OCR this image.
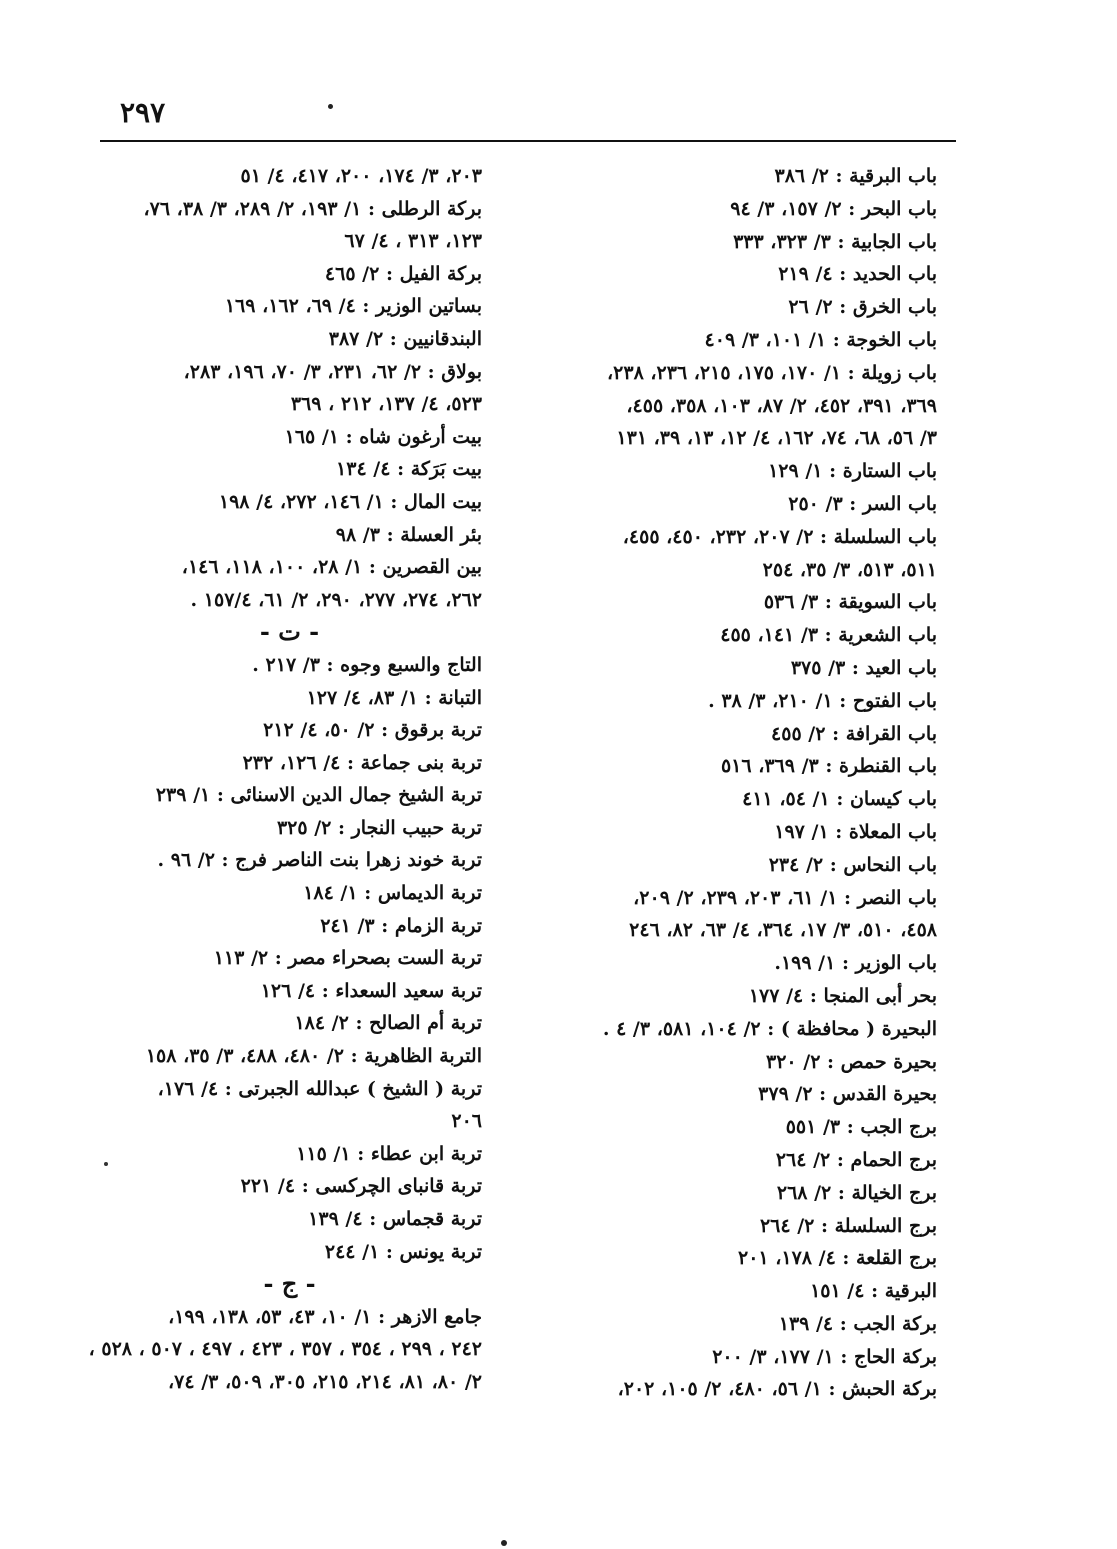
٢٩٧
باب البرقية : ٢/ ٣٨٦
باب البحر : ٢/ ١٥٧، ٣/ ٩٤
باب الجابية : ٣/ ٣٢٣، ٣٣٣
باب الحديد : ٤/ ٢١٩
باب الخرق : ٢/ ٢٦
باب الخوجة : ١/ ١٠١، ٣/ ٤٠٩
باب زويلة : ١/ ١٧٠، ١٧٥، ٢١٥، ٢٣٦، ٢٣٨،
٣٦٩، ٣٩١، ٤٥٢، ٢/ ٨٧، ١٠٣، ٣٥٨، ٤٥٥،
٣/ ٥٦، ٦٨، ٧٤، ١٦٢، ٤/ ١٢، ١٣، ٣٩، ١٣١
باب الستارة : ١/ ١٢٩
باب السر : ٣/ ٢٥٠
باب السلسلة : ٢/ ٢٠٧، ٢٣٢، ٤٥٠، ٤٥٥،
٥١١، ٥١٣، ٣/ ٣٥، ٢٥٤
باب السويقة : ٣/ ٥٣٦
باب الشعرية : ٣/ ١٤١، ٤٥٥
باب العيد : ٣/ ٣٧٥
باب الفتوح : ١/ ٢١٠، ٣/ ٣٨ .
باب القرافة : ٢/ ٤٥٥
باب القنطرة : ٣/ ٣٦٩، ٥١٦
باب كيسان : ١/ ٥٤، ٤١١
باب المعلاة : ١/ ١٩٧
باب النحاس : ٢/ ٢٣٤
باب النصر : ١/ ٦١، ٢٠٣، ٢٣٩، ٢/ ٢٠٩،
٤٥٨، ٥١٠، ٣/ ١٧، ٣٦٤، ٤/ ٦٣، ٨٢، ٢٤٦
باب الوزير : ١/ ١٩٩.
بحر أبى المنجا : ٤/ ١٧٧
البحيرة ( محافظة ) : ٢/ ١٠٤، ٥٨١، ٣/ ٤ .
بحيرة حمص : ٢/ ٣٢٠
بحيرة القدس : ٢/ ٣٧٩
برج الجب : ٣/ ٥٥١
برج الحمام : ٢/ ٢٦٤
برج الخيالة : ٢/ ٢٦٨
برج السلسلة : ٢/ ٢٦٤
برج القلعة : ٤/ ١٧٨، ٢٠١
البرقية : ٤/ ١٥١
بركة الجب : ٤/ ١٣٩
بركة الحاج : ١/ ١٧٧، ٣/ ٢٠٠
بركة الحبش : ١/ ٥٦، ٤٨٠، ٢/ ١٠٥، ٢٠٢،
٢٠٣، ٣/ ١٧٤، ٢٠٠، ٤١٧، ٤/ ٥١
بركة الرطلى : ١/ ١٩٣، ٢/ ٢٨٩، ٣/ ٣٨، ٧٦،
١٢٣، ٣١٣ ، ٤/ ٦٧
بركة الفيل : ٢/ ٤٦٥
بساتين الوزير : ٤/ ٦٩، ١٦٢، ١٦٩
البندقانيين : ٢/ ٣٨٧
بولاق : ٢/ ٦٢، ٢٣١، ٣/ ٧٠، ١٩٦، ٢٨٣،
٥٢٣، ٤/ ١٣٧، ٢١٢ ، ٣٦٩
بيت أرغون شاه : ١/ ١٦٥
بيت بَرَكة : ٤/ ١٣٤
بيت المال : ١/ ١٤٦، ٢٧٢، ٤/ ١٩٨
بئر العسلة : ٣/ ٩٨
بين القصرين : ١/ ٢٨، ١٠٠، ١١٨، ١٤٦،
٢٦٢، ٢٧٤، ٢٧٧، ٢٩٠، ٢/ ٦١، ١٥٧/٤ .
- ت -
التاج والسبع وجوه : ٣/ ٢١٧ .
التبانة : ١/ ٨٣، ٤/ ١٢٧
تربة برقوق : ٢/ ٥٠، ٤/ ٢١٢
تربة بنى جماعة : ٤/ ١٢٦، ٢٣٢
تربة الشيخ جمال الدين الاسنائى : ١/ ٢٣٩
تربة حبيب النجار : ٢/ ٣٢٥
تربة خوند زهرا بنت الناصر فرج : ٢/ ٩٦ .
تربة الديماس : ١/ ١٨٤
تربة الزمام : ٣/ ٢٤١
تربة الست بصحراء مصر : ٢/ ١١٣
تربة سعيد السعداء : ٤/ ١٢٦
تربة أم الصالح : ٢/ ١٨٤
التربة الظاهرية : ٢/ ٤٨٠، ٤٨٨، ٣/ ٣٥، ١٥٨
تربة ( الشيخ ) عبدالله الجبرتى : ٤/ ١٧٦،
٢٠٦
تربة ابن عطاء : ١/ ١١٥
تربة قانباى الچركسى : ٤/ ٢٢١
تربة قجماس : ٤/ ١٣٩
تربة يونس : ١/ ٢٤٤
- ج -
جامع الازهر : ١/ ١٠، ٤٣، ٥٣، ١٣٨، ١٩٩،
٢٤٢ ، ٢٩٩ ، ٣٥٤ ، ٣٥٧ ، ٤٢٣ ، ٤٩٧ ، ٥٠٧ ، ٥٢٨ ،
٢/ ٨٠، ٨١، ٢١٤، ٢١٥، ٣٠٥، ٥٠٩، ٣/ ٧٤،
